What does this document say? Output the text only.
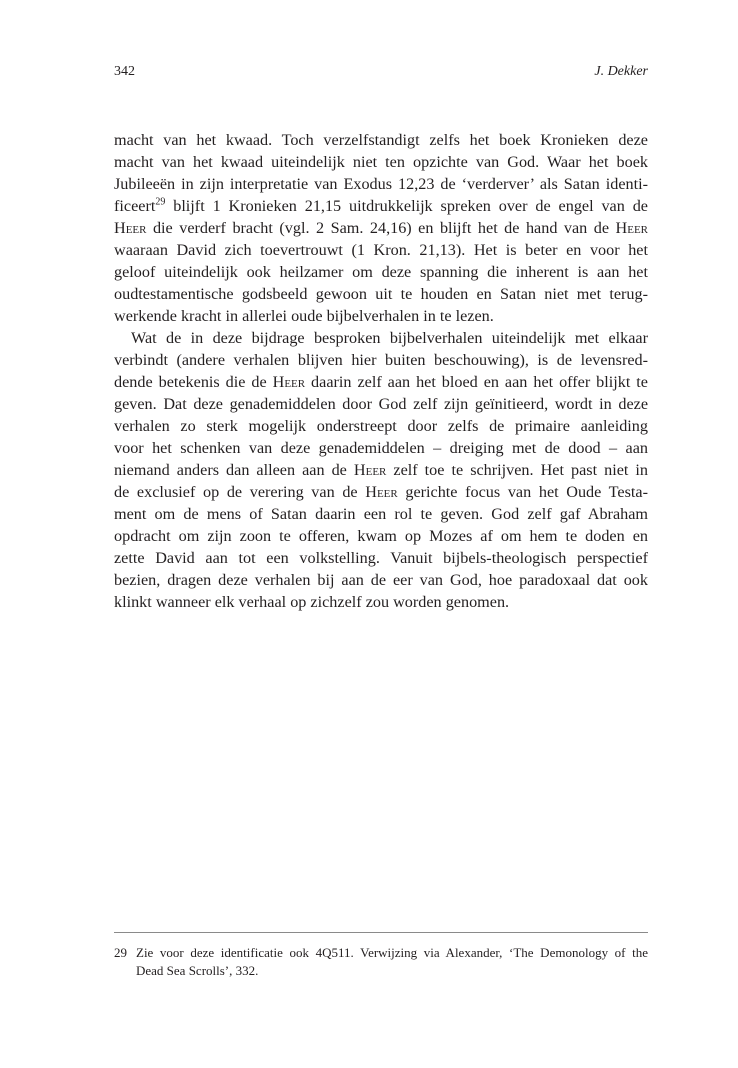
342	J. Dekker
macht van het kwaad. Toch verzelfstandigt zelfs het boek Kronieken deze
macht van het kwaad uiteindelijk niet ten opzichte van God. Waar het boek
Jubileeën in zijn interpretatie van Exodus 12,23 de ‘verderver’ als Satan identi-
ficeert$^{29}$ blijft 1 Kronieken 21,15 uitdrukkelijk spreken over de engel van de
Heer die verderf bracht (vgl. 2 Sam. 24,16) en blijft het de hand van de Heer
waaraan David zich toevertrouwt (1 Kron. 21,13). Het is beter en voor het
geloof uiteindelijk ook heilzamer om deze spanning die inherent is aan het
oudtestamentische godsbeeld gewoon uit te houden en Satan niet met terug-
werkende kracht in allerlei oude bijbelverhalen in te lezen.
Wat de in deze bijdrage besproken bijbelverhalen uiteindelijk met elkaar
verbindt (andere verhalen blijven hier buiten beschouwing), is de levensred-
dende betekenis die de Heer daarin zelf aan het bloed en aan het offer blijkt te
geven. Dat deze genademiddelen door God zelf zijn geïnitieerd, wordt in deze
verhalen zo sterk mogelijk onderstreept door zelfs de primaire aanleiding
voor het schenken van deze genademiddelen – dreiging met de dood – aan
niemand anders dan alleen aan de Heer zelf toe te schrijven. Het past niet in
de exclusief op de verering van de Heer gerichte focus van het Oude Testa-
ment om de mens of Satan daarin een rol te geven. God zelf gaf Abraham
opdracht om zijn zoon te offeren, kwam op Mozes af om hem te doden en
zette David aan tot een volkstelling. Vanuit bijbels-theologisch perspectief
bezien, dragen deze verhalen bij aan de eer van God, hoe paradoxaal dat ook
klinkt wanneer elk verhaal op zichzelf zou worden genomen.
29 Zie voor deze identificatie ook 4Q511. Verwijzing via Alexander, ‘The Demonology of the
Dead Sea Scrolls’, 332.
